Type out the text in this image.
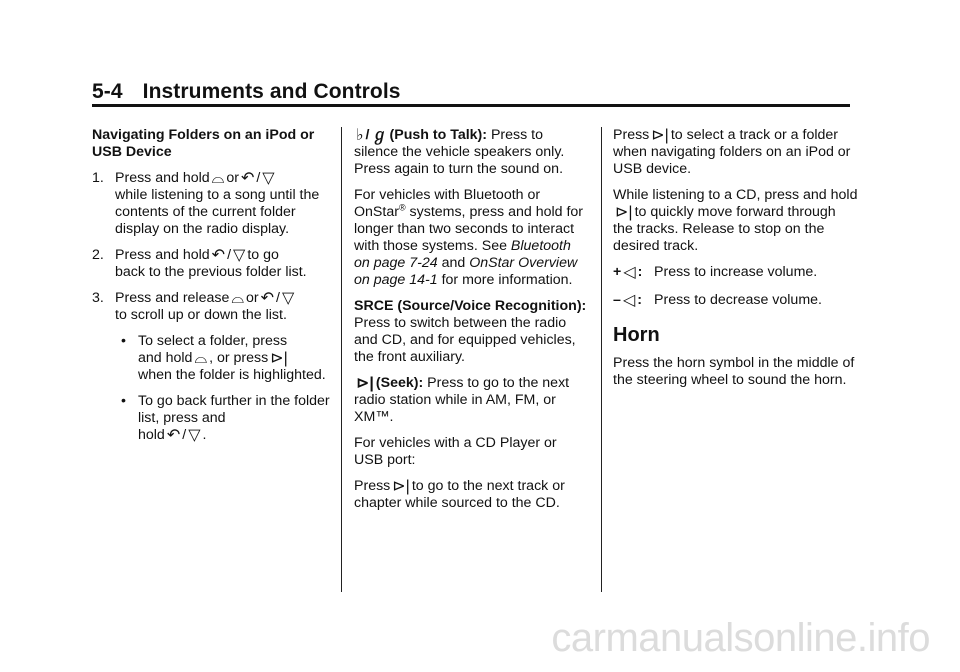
5-4 Instruments and Controls

Navigating Folders on an iPod or USB Device

1. Press and hold ⌓ or ↶ / ▽
while listening to a song until the contents of the current folder display on the radio display.
2. Press and hold ↶ / ▽ to go
back to the previous folder list.
3. Press and release ⌓ or ↶ / ▽
to scroll up or down the list.
• To select a folder, press
and hold ⌓ , or press ⊳|
when the folder is highlighted.
• To go back further in the folder list, press and
hold ↶ / ▽ .

♭ / ℊ (Push to Talk): Press to silence the vehicle speakers only. Press again to turn the sound on.

For vehicles with Bluetooth or OnStar® systems, press and hold for longer than two seconds to interact with those systems. See Bluetooth on page 7-24 and OnStar Overview on page 14-1 for more information.

SRCE (Source/Voice Recognition): Press to switch between the radio and CD, and for equipped vehicles, the front auxiliary.

⊳| (Seek): Press to go to the next radio station while in AM, FM, or XM™.

For vehicles with a CD Player or USB port:

Press ⊳| to go to the next track or chapter while sourced to the CD.

Press ⊳| to select a track or a folder when navigating folders on an iPod or USB device.

While listening to a CD, press and hold⊳| to quickly move forward through the tracks. Release to stop on the desired track.

+ ◁ : Press to increase volume.
– ◁ : Press to decrease volume.
Horn

Press the horn symbol in the middle of the steering wheel to sound the horn.

carmanualsonline.info
